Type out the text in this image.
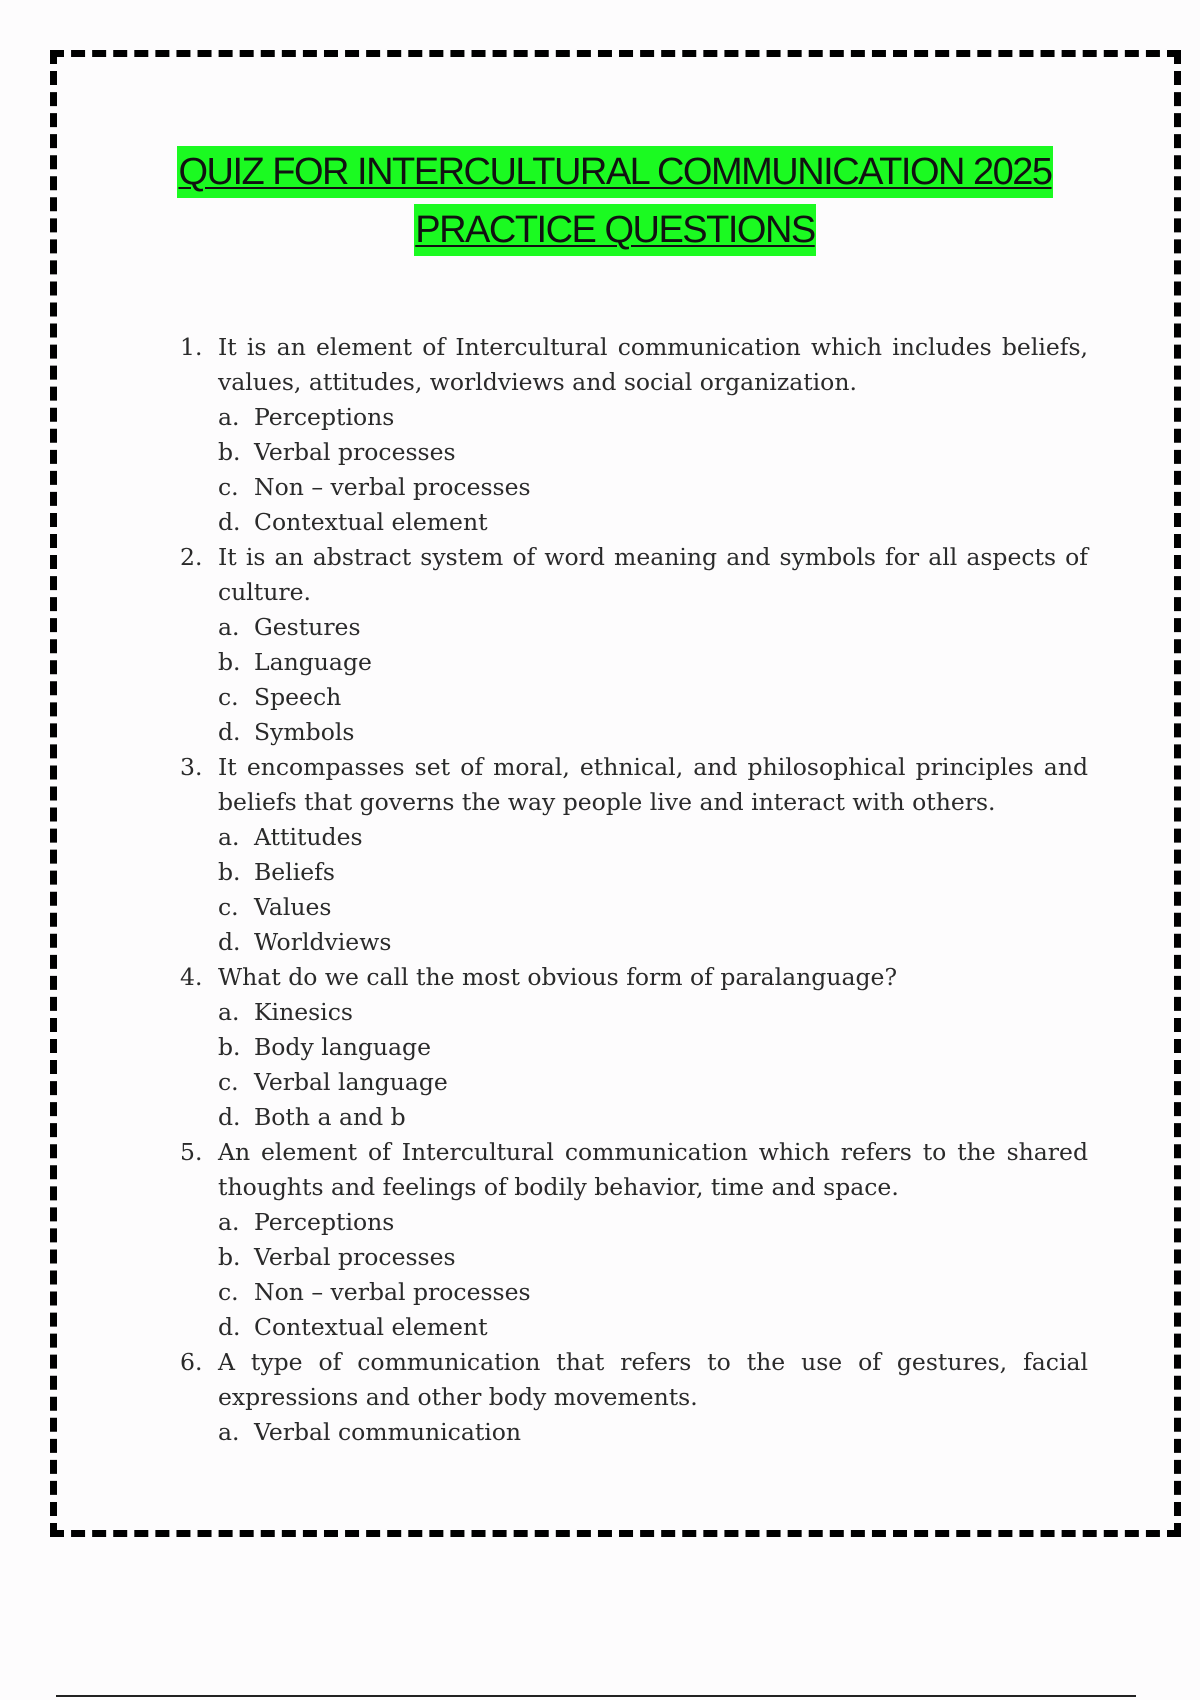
QUIZ FOR INTERCULTURAL COMMUNICATION 2025
PRACTICE QUESTIONS
1. It is an element of Intercultural communication which includes beliefs, values, attitudes, worldviews and social organization.
a. Perceptions
b. Verbal processes
c. Non – verbal processes
d. Contextual element
2. It is an abstract system of word meaning and symbols for all aspects of culture.
a. Gestures
b. Language
c. Speech
d. Symbols
3. It encompasses set of moral, ethnical, and philosophical principles and beliefs that governs the way people live and interact with others.
a. Attitudes
b. Beliefs
c. Values
d. Worldviews
4. What do we call the most obvious form of paralanguage?
a. Kinesics
b. Body language
c. Verbal language
d. Both a and b
5. An element of Intercultural communication which refers to the shared thoughts and feelings of bodily behavior, time and space.
a. Perceptions
b. Verbal processes
c. Non – verbal processes
d. Contextual element
6. A type of communication that refers to the use of gestures, facial expressions and other body movements.
a. Verbal communication
